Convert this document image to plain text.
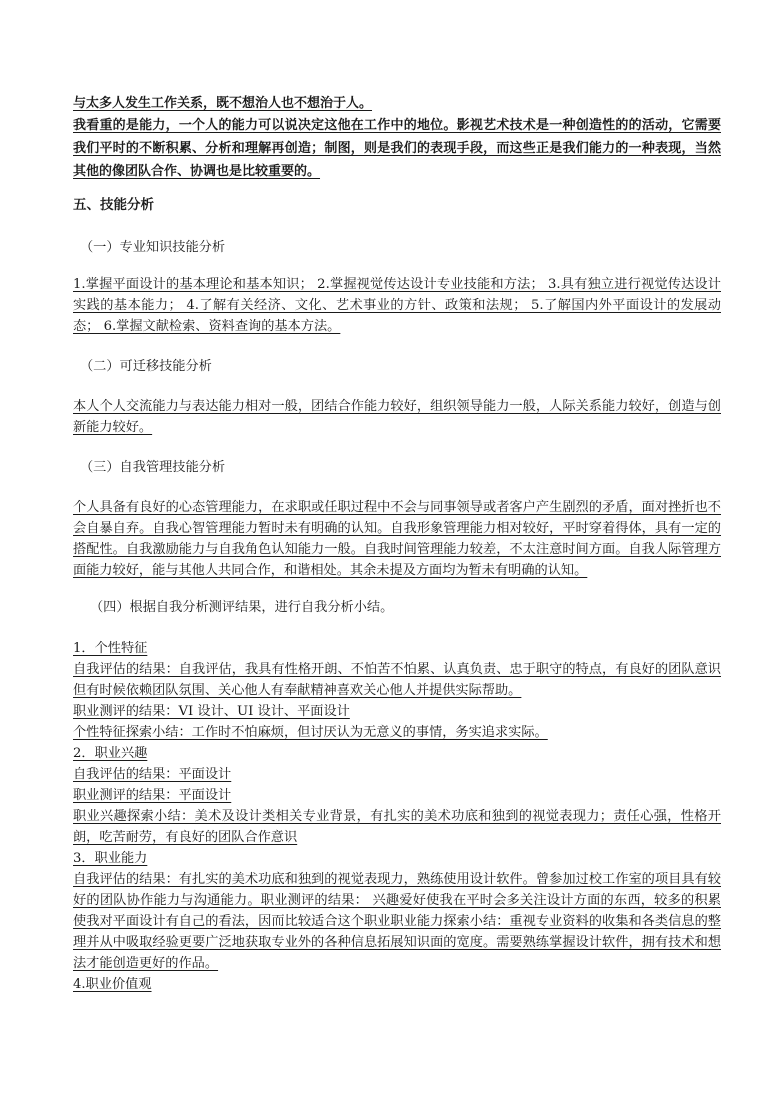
与太多人发生工作关系，既不想治人也不想治于人。
我看重的是能力，一个人的能力可以说决定这他在工作中的地位。影视艺术技术是一种创造性的的活动，它需要我们平时的不断积累、分析和理解再创造；制图，则是我们的表现手段，而这些正是我们能力的一种表现，当然其他的像团队合作、协调也是比较重要的。
五、技能分析
（一）专业知识技能分析
1.掌握平面设计的基本理论和基本知识； 2.掌握视觉传达设计专业技能和方法； 3.具有独立进行视觉传达设计实践的基本能力； 4.了解有关经济、文化、艺术事业的方针、政策和法规； 5.了解国内外平面设计的发展动态； 6.掌握文献检索、资料查询的基本方法。
（二）可迁移技能分析
本人个人交流能力与表达能力相对一般，团结合作能力较好，组织领导能力一般，人际关系能力较好，创造与创新能力较好。
（三）自我管理技能分析
个人具备有良好的心态管理能力，在求职或任职过程中不会与同事领导或者客户产生剧烈的矛盾，面对挫折也不会自暴自弃。自我心智管理能力暂时未有明确的认知。自我形象管理能力相对较好，平时穿着得体，具有一定的搭配性。自我激励能力与自我角色认知能力一般。自我时间管理能力较差，不太注意时间方面。自我人际管理方面能力较好，能与其他人共同合作，和谐相处。其余未提及方面均为暂未有明确的认知。
（四）根据自我分析测评结果，进行自我分析小结。
1．个性特征
自我评估的结果：自我评估，我具有性格开朗、不怕苦不怕累、认真负责、忠于职守的特点，有良好的团队意识但有时候依赖团队氛围、关心他人有奉献精神喜欢关心他人并提供实际帮助。
职业测评的结果：VI 设计、UI 设计、平面设计
个性特征探索小结：工作时不怕麻烦，但讨厌认为无意义的事情，务实追求实际。
2．职业兴趣
自我评估的结果：平面设计
职业测评的结果：平面设计
职业兴趣探索小结：美术及设计类相关专业背景，有扎实的美术功底和独到的视觉表现力；责任心强，性格开朗，吃苦耐劳，有良好的团队合作意识
3．职业能力
自我评估的结果：有扎实的美术功底和独到的视觉表现力，熟练使用设计软件。曾参加过校工作室的项目具有较好的团队协作能力与沟通能力。职业测评的结果： 兴趣爱好使我在平时会多关注设计方面的东西，较多的积累使我对平面设计有自己的看法，因而比较适合这个职业职业能力探索小结：重视专业资料的收集和各类信息的整理并从中吸取经验更要广泛地获取专业外的各种信息拓展知识面的宽度。需要熟练掌握设计软件，拥有技术和想法才能创造更好的作品。
4.职业价值观
